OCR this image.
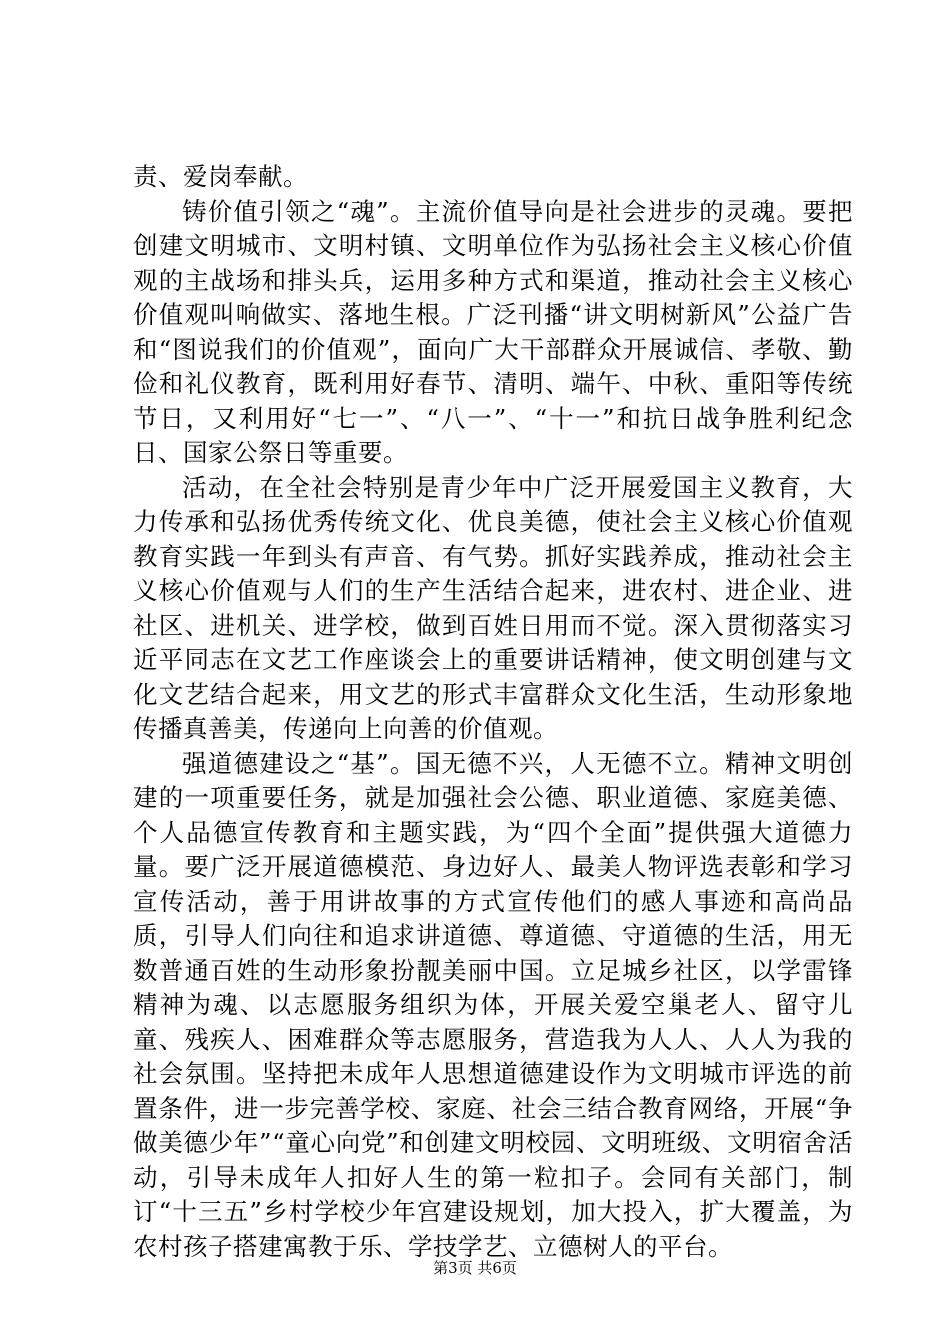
责、爱岗奉献。

铸价值引领之“魂”。主流价值导向是社会进步的灵魂。要把创建文明城市、文明村镇、文明单位作为弘扬社会主义核心价值观的主战场和排头兵，运用多种方式和渠道，推动社会主义核心价值观叫响做实、落地生根。广泛刊播“讲文明树新风”公益广告和“图说我们的价值观”，面向广大干部群众开展诚信、孝敬、勤俭和礼仪教育，既利用好春节、清明、端午、中秋、重阳等传统节日，又利用好“七一”、“八一”、“十一”和抗日战争胜利纪念日、国家公祭日等重要。

活动，在全社会特别是青少年中广泛开展爱国主义教育，大力传承和弘扬优秀传统文化、优良美德，使社会主义核心价值观教育实践一年到头有声音、有气势。抓好实践养成，推动社会主义核心价值观与人们的生产生活结合起来，进农村、进企业、进社区、进机关、进学校，做到百姓日用而不觉。深入贯彻落实习近平同志在文艺工作座谈会上的重要讲话精神，使文明创建与文化文艺结合起来，用文艺的形式丰富群众文化生活，生动形象地传播真善美，传递向上向善的价值观。

强道德建设之“基”。国无德不兴，人无德不立。精神文明创建的一项重要任务，就是加强社会公德、职业道德、家庭美德、个人品德宣传教育和主题实践，为“四个全面”提供强大道德力量。要广泛开展道德模范、身边好人、最美人物评选表彰和学习宣传活动，善于用讲故事的方式宣传他们的感人事迹和高尚品质，引导人们向往和追求讲道德、尊道德、守道德的生活，用无数普通百姓的生动形象扮靓美丽中国。立足城乡社区，以学雷锋精神为魂、以志愿服务组织为体，开展关爱空巢老人、留守儿童、残疾人、困难群众等志愿服务，营造我为人人、人人为我的社会氛围。坚持把未成年人思想道德建设作为文明城市评选的前置条件，进一步完善学校、家庭、社会三结合教育网络，开展“争做美德少年”“童心向党”和创建文明校园、文明班级、文明宿舍活动，引导未成年人扣好人生的第一粒扣子。会同有关部门，制订“十三五”乡村学校少年宫建设规划，加大投入，扩大覆盖，为农村孩子搭建寓教于乐、学技学艺、立德树人的平台。

第3页 共6页
